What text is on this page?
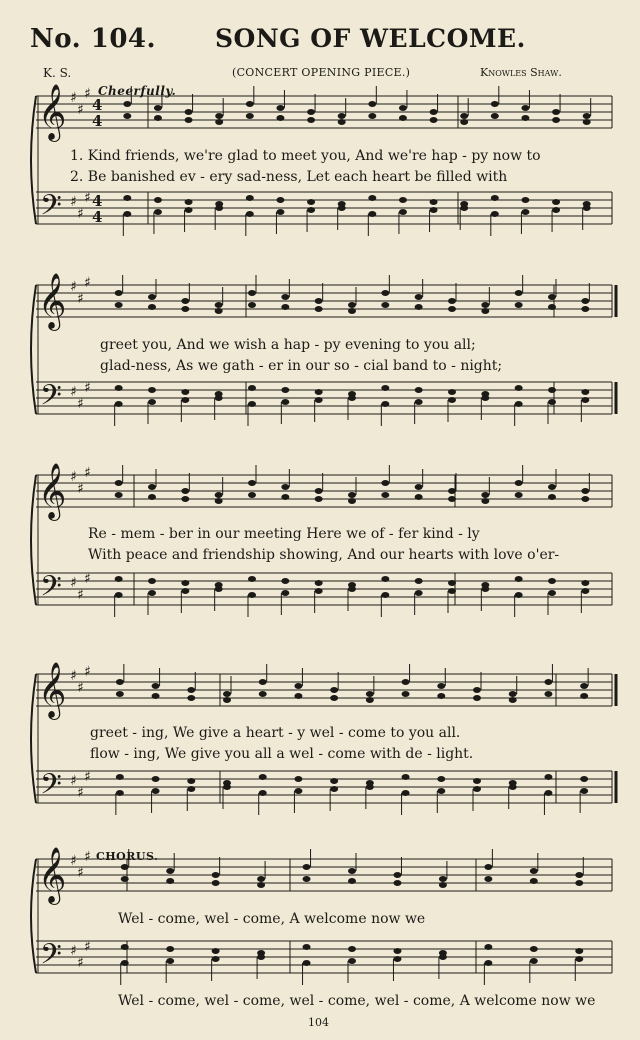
No. 104. SONG OF WELCOME.
K. S.	(CONCERT OPENING PIECE.)	Knowles Shaw.
Cheerfully.
𝄞
𝄢
♯
♯
♯
♯
♯
♯
4
4
4
4
𝄞
𝄢
♯
♯
♯
♯
♯
♯
𝄞
𝄢
♯
♯
♯
♯
♯
♯
𝄞
𝄢
♯
♯
♯
♯
♯
♯
𝄞
𝄢
♯
♯
♯
♯
♯
♯
1. Kind friends, we're glad to meet you, And we're hap - py now to
2. Be banished ev - ery sad-ness, Let each heart be filled with
greet you, And we wish a hap - py evening to you all;
glad-ness, As we gath - er in our so - cial band to - night;
Re - mem - ber in our meeting Here we of - fer kind - ly
With peace and friendship showing, And our hearts with love o'er-
greet - ing, We give a heart - y wel - come to you all.
flow - ing, We give you all a wel - come with de - light.
CHORUS.
Wel - come, wel - come, A welcome now we
Wel - come, wel - come, wel - come, wel - come, A welcome now we
104
